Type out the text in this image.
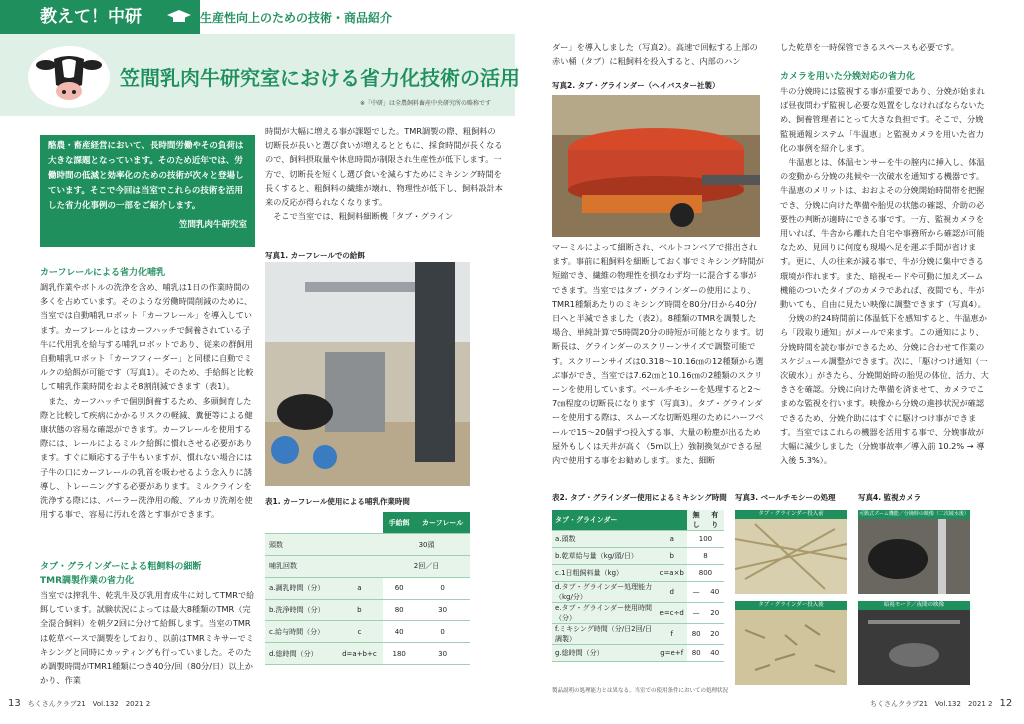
教えて！中研	生産性向上のための技術・商品紹介
笠間乳肉牛研究室における省力化技術の活用
※「中研」は全農飼料畜産中央研究所の略称です
酪農・畜産経営において、長時間労働やその負荷は大きな課題となっています。そのため近年では、労働時間の低減と効率化のための技術が次々と登場しています。そこで今回は当室でこれらの技術を活用した省力化事例の一部をご紹介します。
笠間乳肉牛研究室
カーフレールによる省力化哺乳
調乳作業やボトルの洗浄を含め、哺乳は1日の作業時間の多くを占めています。そのような労働時間削減のために、当室では自動哺乳ロボット「カーフレール」を導入しています。カーフレールとはカーフハッチで飼養されている子牛に代用乳を給与する哺乳ロボットであり、従来の群飼用自動哺乳ロボット「カーフフィーダー」と同様に自動でミルクの給餌が可能です（写真1）。そのため、手給餌と比較して哺乳作業時間をおよそ8割削減できます（表1）。
　また、カーフハッチで個別飼養するため、多頭飼育した際と比較して疾病にかかるリスクの軽減、糞便等による健康状態の容易な確認ができます。カーフレールを使用する際には、レールによるミルク給餌に慣れさせる必要があります。すぐに順応する子牛もいますが、慣れない場合には子牛の口にカーフレールの乳首を吸わせるよう念入りに誘導し、トレーニングする必要があります。ミルクラインを洗浄する際には、パーラー洗浄用の酸、アルカリ洗剤を使用する事で、容易に汚れを落とす事ができます。
タブ・グラインダーによる粗飼料の細断
TMR調製作業の省力化
当室では搾乳牛、乾乳牛及び乳用育成牛に対してTMRで給餌しています。試験状況によっては最大8種類のTMR（完全混合飼料）を朝夕2回に分けて給餌します。当室のTMRは乾草ベースで調製をしており、以前はTMRミキサーでミキシングと同時にカッティングも行っていました。そのため調製時間がTMR1種類につき40分/回（80分/日）以上かかり、作業
時間が大幅に増える事が課題でした。TMR調製の際、粗飼料の切断長が長いと選び食いが増えるとともに、採食時間が長くなるので、飼料摂取量や休息時間が制限され生産性が低下します。一方で、切断長を短くし選び食いを減らすためにミキシング時間を長くすると、粗飼料の繊維が壊れ、物理性が低下し、飼料設計本来の反応が得られなくなります。
　そこで当室では、粗飼料細断機「タブ・グライン
写真1. カーフレールでの給餌
表1. カーフレール使用による哺乳作業時間
		手給餌	カーフレール
頭数		30頭	
哺乳回数		2回／日	
a.調乳時間（分）	a	60	0
b.洗浄時間（分）	b	80	30
c.給与時間（分）	c	40	0
d.総時間（分）	d=a+b+c	180	30
13　 ちくさんクラブ21　Vol.132　2021 2
ダー」を導入しました（写真2）。高速で回転する上部の赤い桶（タブ）に粗飼料を投入すると、内部のハン
写真2. タブ・グラインダー（ヘイバスター社製）
マーミルによって細断され、ベルトコンベアで排出されます。事前に粗飼料を細断しておく事でミキシング時間が短縮でき、繊維の物理性を損なわず均一に混合する事ができます。当室ではタブ・グラインダーの使用により、TMR1種類あたりのミキシング時間を80分/日から40分/日へと半減できました（表2）。8種類のTMRを調製した場合、単純計算で5時間20分の時短が可能となります。切断長は、グラインダーのスクリーンサイズで調整可能です。スクリーンサイズは0.318～10.16㎝の12種類から選ぶ事ができ、当室では7.62㎝と10.16㎝の2種類のスクリーンを使用しています。ベールチモシーを処理すると2～7㎝程度の切断長になります（写真3）。タブ・グラインダーを使用する際は、スムーズな切断処理のためにハーフベールで15～20個ずつ投入する事、大量の粉塵が出るため屋外もしくは天井が高く（5m以上）強制換気ができる屋内で使用する事をお勧めします。また、細断
した乾草を一時保管できるスペースも必要です。
カメラを用いた分娩対応の省力化
牛の分娩時には監視する事が重要であり、分娩が始まれば昼夜問わず監視し必要な処置をしなければならないため、飼養管理者にとって大きな負担です。そこで、分娩監視通報システム「牛温恵」と監視カメラを用いた省力化の事例を紹介します。
　牛温恵とは、体温センサーを牛の膣内に挿入し、体温の変動から分娩の兆候や一次破水を通知する機器です。牛温恵のメリットは、おおよその分娩開始時間帯を把握でき、分娩に向けた準備や胎児の状態の確認、介助の必要性の判断が適時にできる事です。一方、監視カメラを用いれば、牛舎から離れた自宅や事務所から確認が可能なため、見回りに何度も現場へ足を運ぶ手間が省けます。更に、人の往来が減る事で、牛が分娩に集中できる環境が作れます。また、暗視モードや可動に加えズーム機能のついたタイプのカメラであれば、夜間でも、牛が動いても、自由に見たい映像に調整できます（写真4）。
　分娩の約24時間前に体温低下を感知すると、牛温恵から「段取り通知」がメールで来ます。この通知により、分娩時間を読む事ができるため、分娩に合わせて作業のスケジュール調整ができます。次に、「駆けつけ通知（一次破水）」がきたら、分娩開始時の胎児の体位、活力、大きさを確認。分娩に向けた準備を済ませて、カメラでこまめな監視を行います。映像から分娩の進捗状況が確認できるため、分娩介助にはすぐに駆けつけ事ができます。当室ではこれらの機器を活用する事で、分娩事故が大幅に減少しました（分娩事故率／導入前 10.2% → 導入後 5.3%）。
表2. タブ・グラインダー使用によるミキシング時間
タブ・グラインダー		無し	有り
a.頭数	a	100	
b.乾草給与量（kg/頭/日）	b	8	
c.1日粗飼料量（kg）	c=a×b	800	
d.タブ・グラインダー処理能力（kg/分）	d	—	40
e.タブ・グラインダー使用時間（分）	e=c÷d	—	20
f.ミキシング時間（分/日2回/日調製）	f	80	20
g.総時間（分）	g=e+f	80	40
製品説明の処理能力とは異なる。当室での使用条件においての処理状況
写真3. ベールチモシーの処理
タブ・グラインダー投入前
タブ・グラインダー投入後
写真4. 監視カメラ
可動式ズーム機能／分娩時の映像（二次破水後）
暗視モード／夜間の映像
ちくさんクラブ21　Vol.132　2021 2　 12
